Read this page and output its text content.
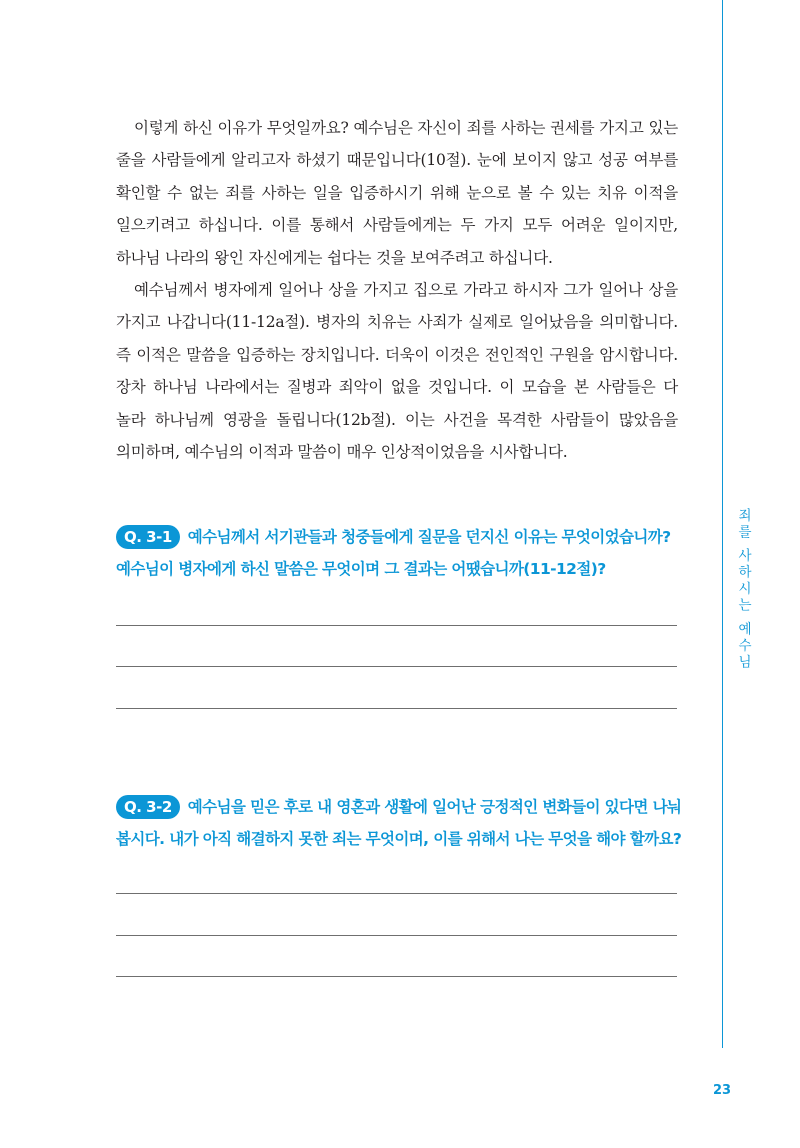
이렇게 하신 이유가 무엇일까요? 예수님은 자신이 죄를 사하는 권세를 가지고 있는 줄을 사람들에게 알리고자 하셨기 때문입니다(10절). 눈에 보이지 않고 성공 여부를 확인할 수 없는 죄를 사하는 일을 입증하시기 위해 눈으로 볼 수 있는 치유 이적을 일으키려고 하십니다. 이를 통해서 사람들에게는 두 가지 모두 어려운 일이지만, 하나님 나라의 왕인 자신에게는 쉽다는 것을 보여주려고 하십니다.

예수님께서 병자에게 일어나 상을 가지고 집으로 가라고 하시자 그가 일어나 상을 가지고 나갑니다(11-12a절). 병자의 치유는 사죄가 실제로 일어났음을 의미합니다. 즉 이적은 말씀을 입증하는 장치입니다. 더욱이 이것은 전인적인 구원을 암시합니다. 장차 하나님 나라에서는 질병과 죄악이 없을 것입니다. 이 모습을 본 사람들은 다 놀라 하나님께 영광을 돌립니다(12b절). 이는 사건을 목격한 사람들이 많았음을 의미하며, 예수님의 이적과 말씀이 매우 인상적이었음을 시사합니다.

Q. 3-1 예수님께서 서기관들과 청중들에게 질문을 던지신 이유는 무엇이었습니까? 예수님이 병자에게 하신 말씀은 무엇이며 그 결과는 어땠습니까(11-12절)?

Q. 3-2 예수님을 믿은 후로 내 영혼과 생활에 일어난 긍정적인 변화들이 있다면 나눠 봅시다. 내가 아직 해결하지 못한 죄는 무엇이며, 이를 위해서 나는 무엇을 해야 할까요?

죄를 사하시는 예수님
23
